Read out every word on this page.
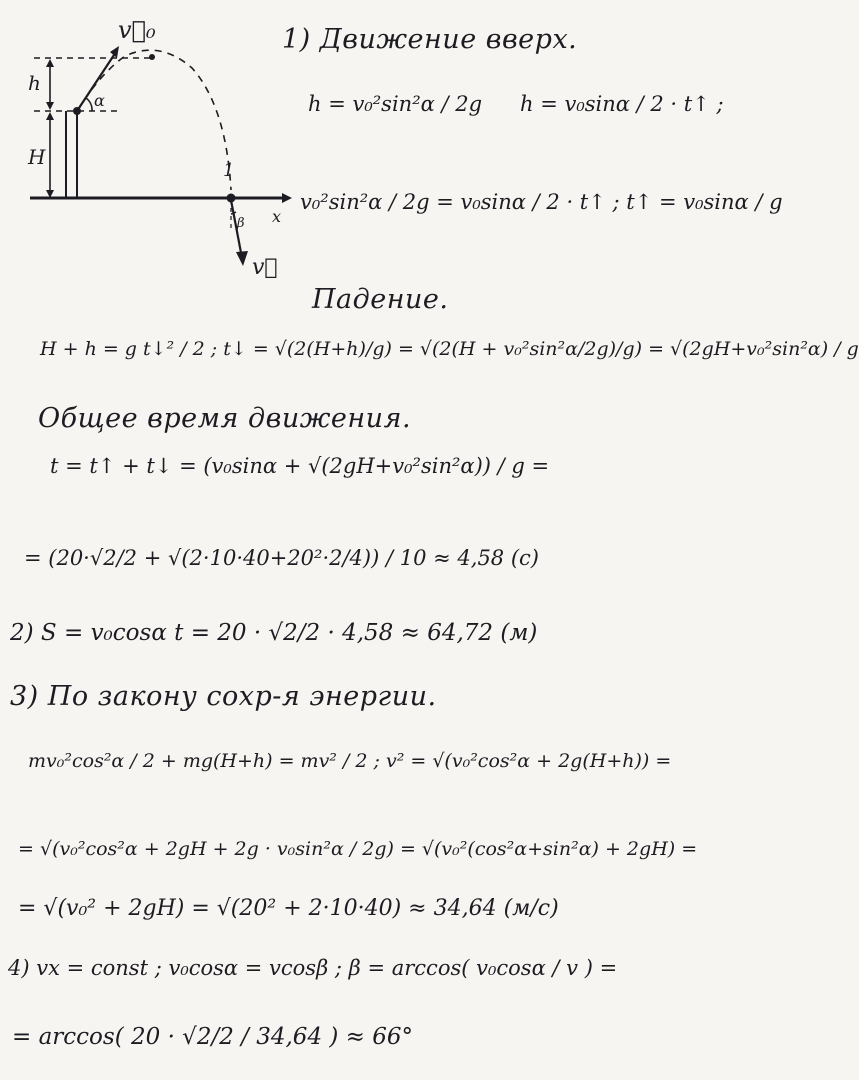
v⃗₀
h
H
α
x
1
β
v⃗
1) Движение вверх.
h = v₀²sin²α / 2g h = v₀sinα / 2 · t↑ ;
v₀²sin²α / 2g = v₀sinα / 2 · t↑ ; t↑ = v₀sinα / g
Падение.
H + h = g t↓² / 2 ; t↓ = √(2(H+h)/g) = √(2(H + v₀²sin²α/2g)/g) = √(2gH+v₀²sin²α) / g
Общее время движения.
t = t↑ + t↓ = (v₀sinα + √(2gH+v₀²sin²α)) / g =
= (20·√2/2 + √(2·10·40+20²·2/4)) / 10 ≈ 4,58 (с)
2) S = v₀cosα t = 20 · √2/2 · 4,58 ≈ 64,72 (м)
3) По закону сохр-я энергии.
mv₀²cos²α / 2 + mg(H+h) = mv² / 2 ; v² = √(v₀²cos²α + 2g(H+h)) =
= √(v₀²cos²α + 2gH + 2g · v₀sin²α / 2g) = √(v₀²(cos²α+sin²α) + 2gH) =
= √(v₀² + 2gH) = √(20² + 2·10·40) ≈ 34,64 (м/с)
4) vx = const ; v₀cosα = vcosβ ; β = arccos( v₀cosα / v ) =
= arccos( 20 · √2/2 / 34,64 ) ≈ 66°
